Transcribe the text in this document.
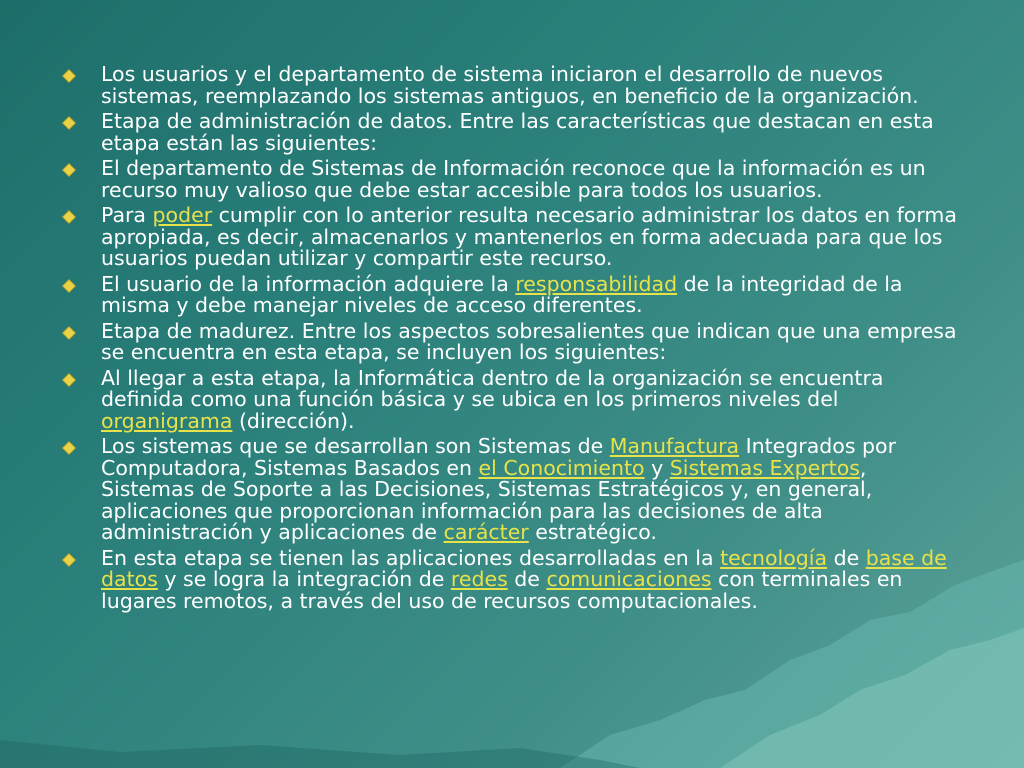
Los usuarios y el departamento de sistema iniciaron el desarrollo de nuevos sistemas, reemplazando los sistemas antiguos, en beneficio de la organización.
Etapa de administración de datos. Entre las características que destacan en esta etapa están las siguientes:
El departamento de Sistemas de Información reconoce que la información es un recurso muy valioso que debe estar accesible para todos los usuarios.
Para poder cumplir con lo anterior resulta necesario administrar los datos en forma apropiada, es decir, almacenarlos y mantenerlos en forma adecuada para que los usuarios puedan utilizar y compartir este recurso.
El usuario de la información adquiere la responsabilidad de la integridad de la misma y debe manejar niveles de acceso diferentes.
Etapa de madurez. Entre los aspectos sobresalientes que indican que una empresa se encuentra en esta etapa, se incluyen los siguientes:
Al llegar a esta etapa, la Informática dentro de la organización se encuentra definida como una función básica y se ubica en los primeros niveles del organigrama (dirección).
Los sistemas que se desarrollan son Sistemas de Manufactura Integrados por Computadora, Sistemas Basados en el Conocimiento y Sistemas Expertos, Sistemas de Soporte a las Decisiones, Sistemas Estratégicos y, en general, aplicaciones que proporcionan información para las decisiones de alta administración y aplicaciones de carácter estratégico.
En esta etapa se tienen las aplicaciones desarrolladas en la tecnología de base de datos y se logra la integración de redes de comunicaciones con terminales en lugares remotos, a través del uso de recursos computacionales.
